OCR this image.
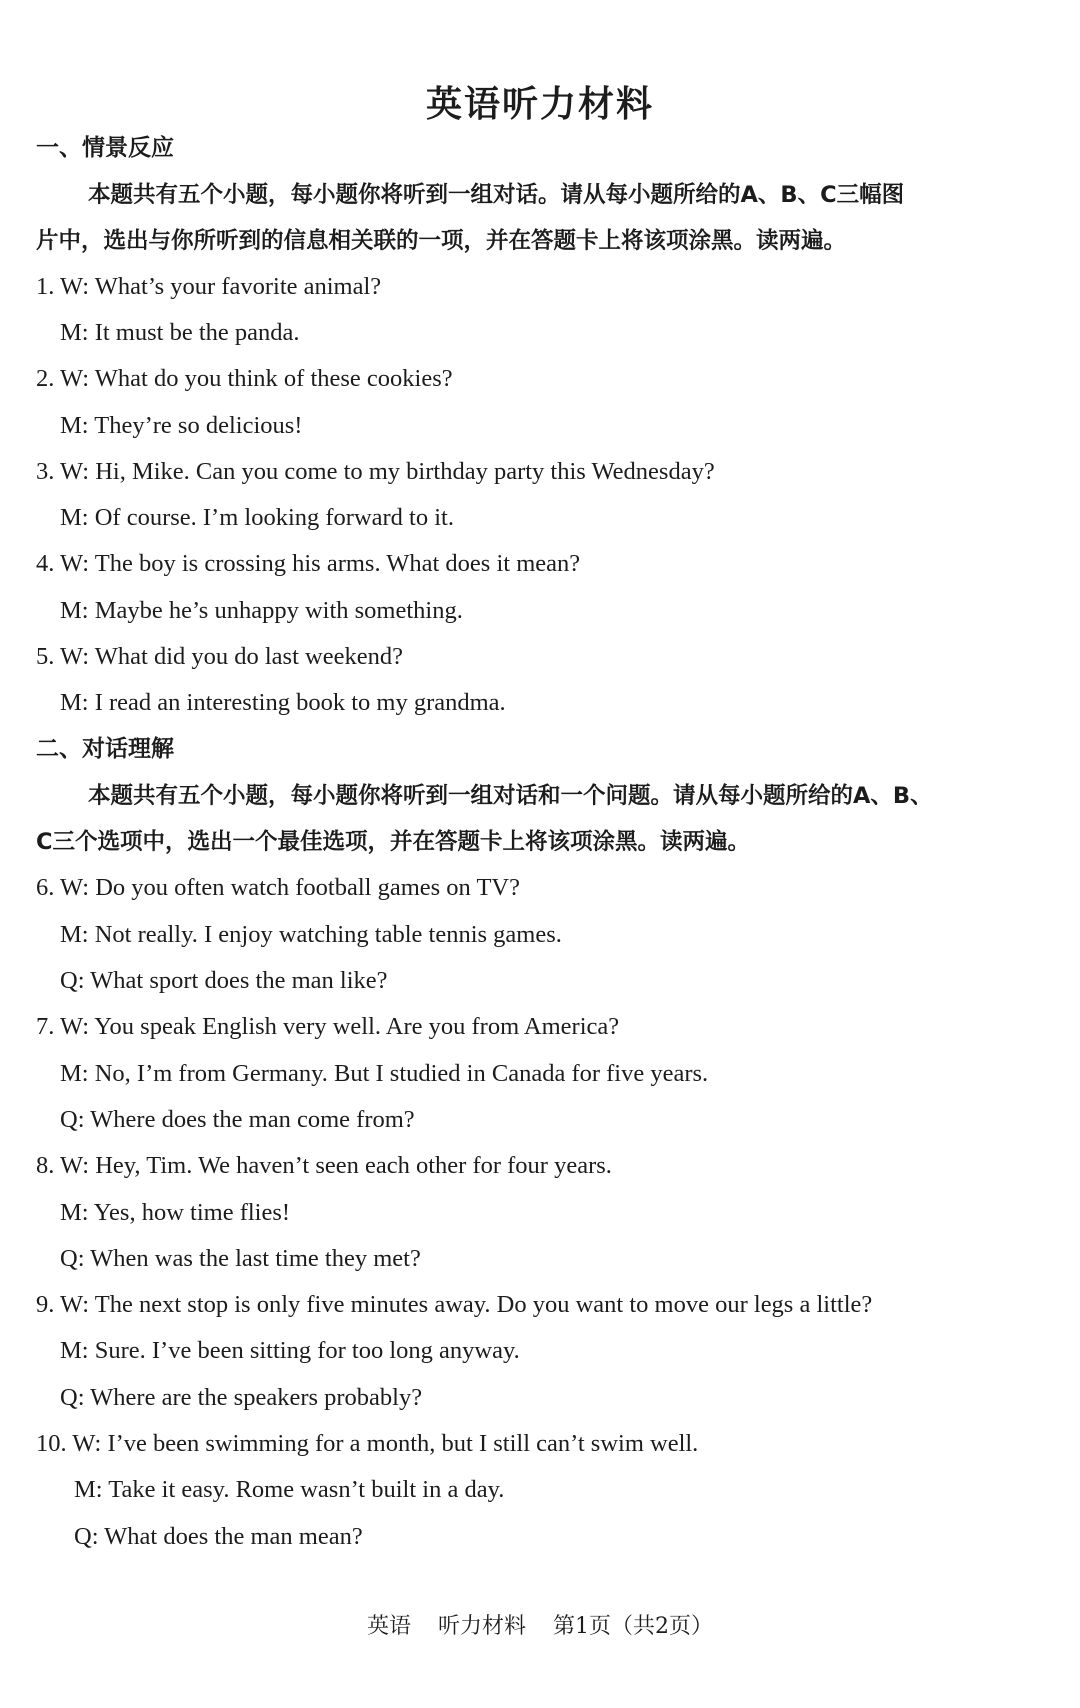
英语听力材料
一、情景反应
本题共有五个小题，每小题你将听到一组对话。请从每小题所给的A、B、C三幅图
片中，选出与你所听到的信息相关联的一项，并在答题卡上将该项涂黑。读两遍。
1. W: What’s your favorite animal?
M: It must be the panda.
2. W: What do you think of these cookies?
M: They’re so delicious!
3. W: Hi, Mike. Can you come to my birthday party this Wednesday?
M: Of course. I’m looking forward to it.
4. W: The boy is crossing his arms. What does it mean?
M: Maybe he’s unhappy with something.
5. W: What did you do last weekend?
M: I read an interesting book to my grandma.
二、对话理解
本题共有五个小题，每小题你将听到一组对话和一个问题。请从每小题所给的A、B、
C三个选项中，选出一个最佳选项，并在答题卡上将该项涂黑。读两遍。
6. W: Do you often watch football games on TV?
M: Not really. I enjoy watching table tennis games.
Q: What sport does the man like?
7. W: You speak English very well. Are you from America?
M: No, I’m from Germany. But I studied in Canada for five years.
Q: Where does the man come from?
8. W: Hey, Tim. We haven’t seen each other for four years.
M: Yes, how time flies!
Q: When was the last time they met?
9. W: The next stop is only five minutes away. Do you want to move our legs a little?
M: Sure. I’ve been sitting for too long anyway.
Q: Where are the speakers probably?
10. W: I’ve been swimming for a month, but I still can’t swim well.
M: Take it easy. Rome wasn’t built in a day.
Q: What does the man mean?
英语 听力材料 第1页（共2页）
